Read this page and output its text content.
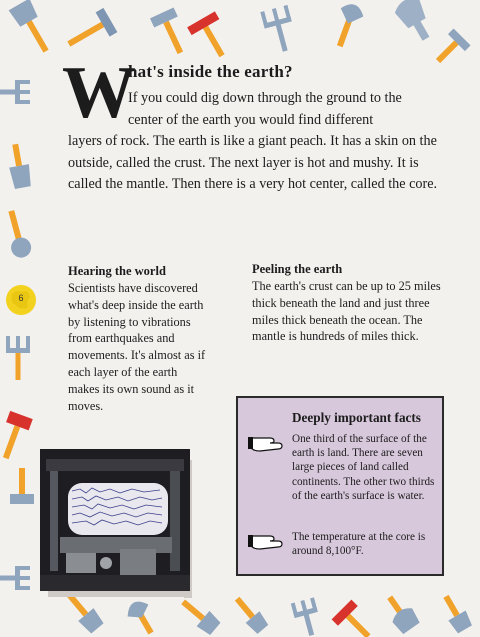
6
W
hat's inside the earth?

If you could dig down through the ground to the
center of the earth you would find different
layers of rock. The earth is like a giant peach. It has a skin on the outside, called the crust. The next layer is hot and mushy. It is called the mantle. Then there is a very hot center, called the core.

Hearing the world

Scientists have discovered what's deep inside the earth by listening to vibrations from earthquakes and movements. It's almost as if each layer of the earth makes its own sound as it moves.

Peeling the earth

The earth's crust can be up to 25 miles thick beneath the land and just three miles thick beneath the ocean. The mantle is hundreds of miles thick.

Deeply important facts

One third of the surface of the earth is land. There are seven large pieces of land called continents. The other two thirds of the earth's surface is water.

The temperature at the core is around 8,100°F.
